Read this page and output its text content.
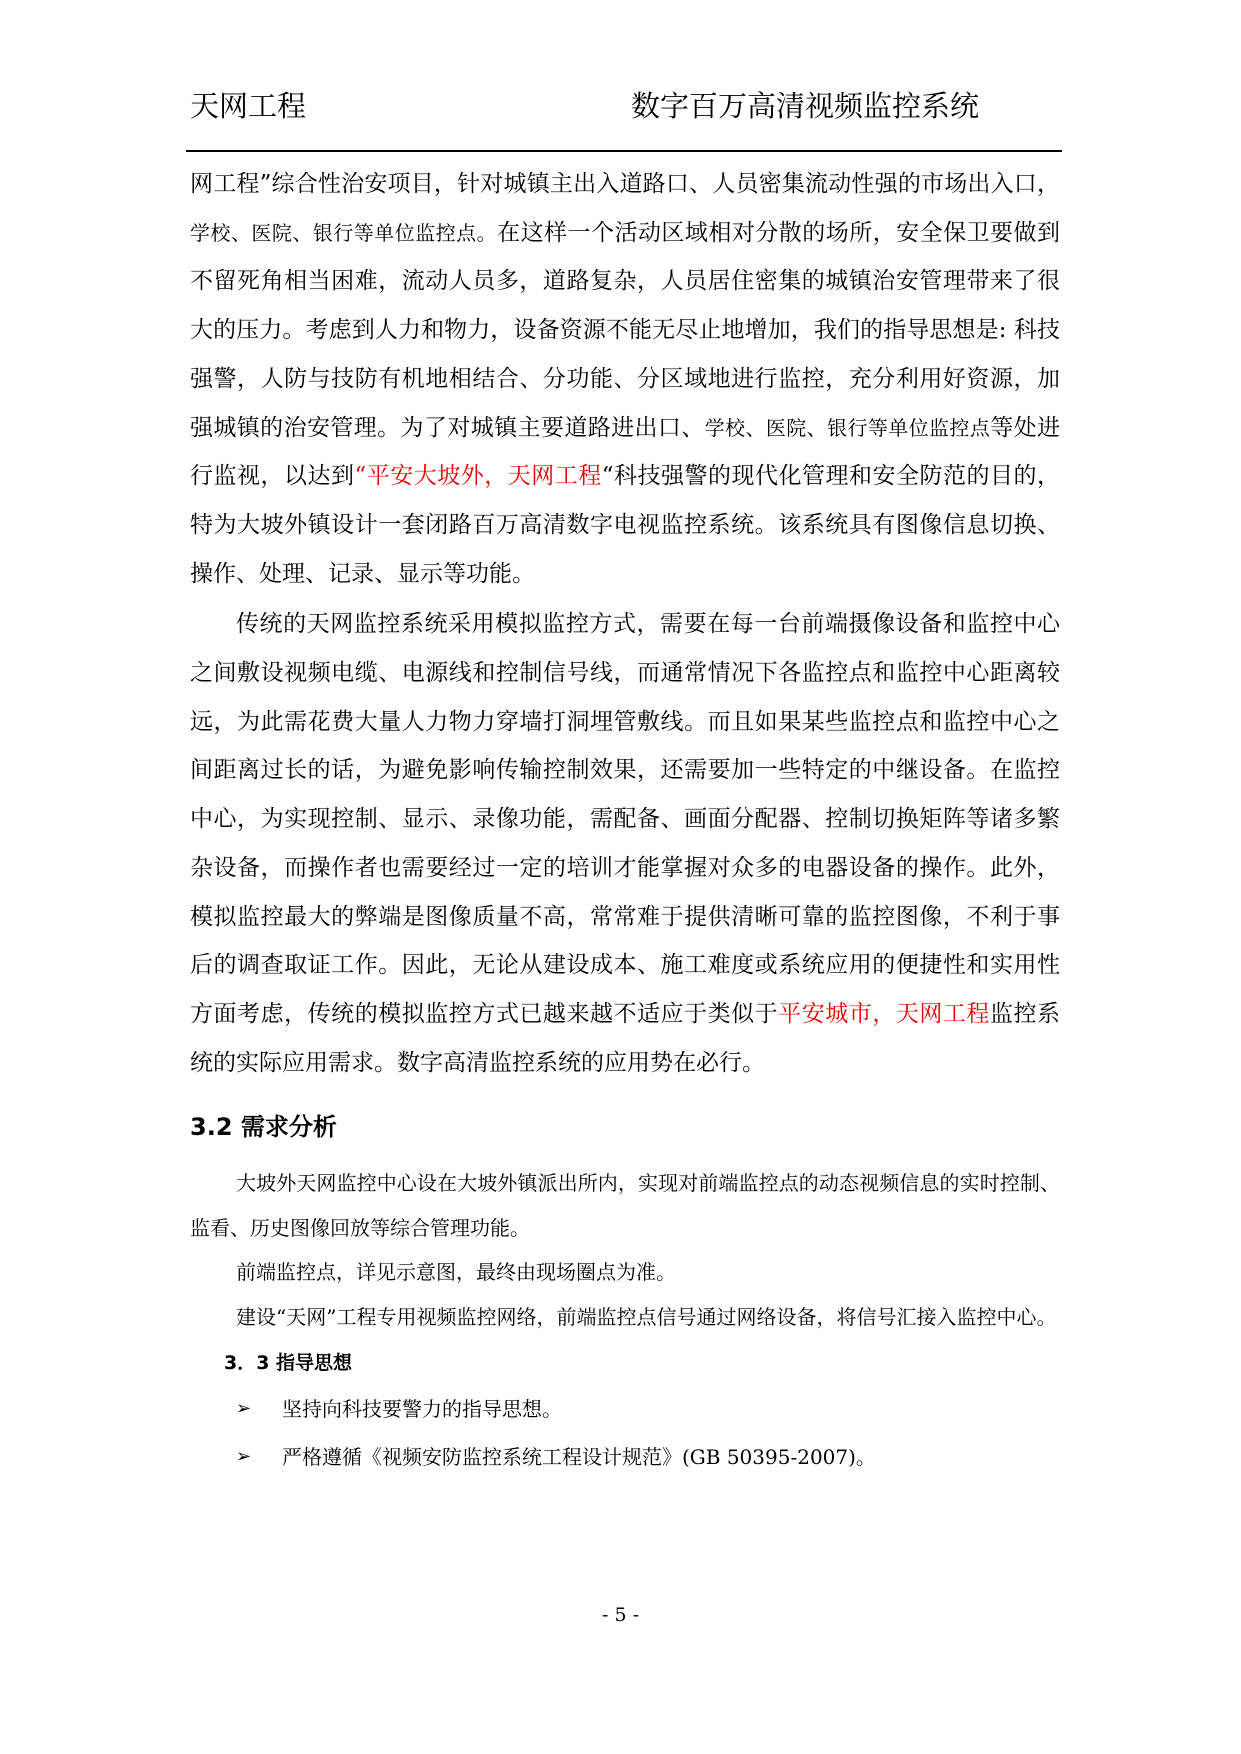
天网工程	数字百万高清视频监控系统

网工程”综合性治安项目，针对城镇主出入道路口、人员密集流动性强的市场出入口，学校、医院、银行等单位监控点。在这样一个活动区域相对分散的场所，安全保卫要做到不留死角相当困难，流动人员多，道路复杂，人员居住密集的城镇治安管理带来了很大的压力。考虑到人力和物力，设备资源不能无尽止地增加，我们的指导思想是: 科技强警，人防与技防有机地相结合、分功能、分区域地进行监控，充分利用好资源，加强城镇的治安管理。为了对城镇主要道路进出口、学校、医院、银行等单位监控点等处进行监视，以达到“平安大坡外，天网工程“科技强警的现代化管理和安全防范的目的，特为大坡外镇设计一套闭路百万高清数字电视监控系统。该系统具有图像信息切换、操作、处理、记录、显示等功能。

传统的天网监控系统采用模拟监控方式，需要在每一台前端摄像设备和监控中心之间敷设视频电缆、电源线和控制信号线，而通常情况下各监控点和监控中心距离较远，为此需花费大量人力物力穿墙打洞埋管敷线。而且如果某些监控点和监控中心之间距离过长的话，为避免影响传输控制效果，还需要加一些特定的中继设备。在监控中心，为实现控制、显示、录像功能，需配备、画面分配器、控制切换矩阵等诸多繁杂设备，而操作者也需要经过一定的培训才能掌握对众多的电器设备的操作。此外，模拟监控最大的弊端是图像质量不高，常常难于提供清晰可靠的监控图像，不利于事后的调查取证工作。因此，无论从建设成本、施工难度或系统应用的便捷性和实用性方面考虑，传统的模拟监控方式已越来越不适应于类似于平安城市，天网工程监控系统的实际应用需求。数字高清监控系统的应用势在必行。

3.2 需求分析

大坡外天网监控中心设在大坡外镇派出所内，实现对前端监控点的动态视频信息的实时控制、监看、历史图像回放等综合管理功能。

前端监控点，详见示意图，最终由现场圈点为准。

建设“天网”工程专用视频监控网络，前端监控点信号通过网络设备，将信号汇接入监控中心。

3．3 指导思想
➢ 坚持向科技要警力的指导思想。
➢ 严格遵循《视频安防监控系统工程设计规范》(GB 50395-2007)。
- 5 -
